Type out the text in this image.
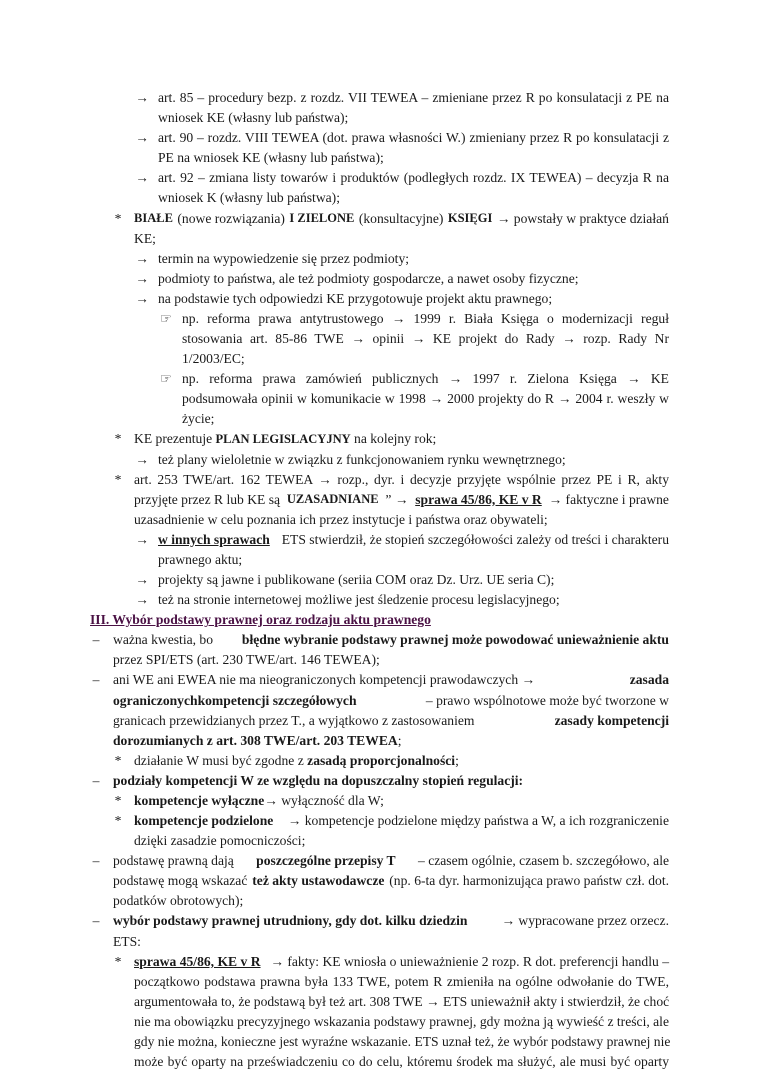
→ art. 85 – procedury bezp. z rozdz. VII TEWEA – zmieniane przez R po konsulatacji z PE na
wniosek KE (własny lub państwa);
→ art. 90 – rozdz. VIII TEWEA (dot. prawa własności W.) zmieniany przez R po konsulatacji z
PE na wniosek KE (własny lub państwa);
→ art. 92 – zmiana listy towarów i produktów (podległych rozdz. IX TEWEA) – decyzja R na
wniosek K (własny lub państwa);
*	BIAŁE (nowe rozwiązania) I ZIELONE (konsultacyjne) KSIĘGI → powstały w praktyce działań
KE;
→ termin na wypowiedzenie się przez podmioty;
→ podmioty to państwa, ale też podmioty gospodarcze, a nawet osoby fizyczne;
→ na podstawie tych odpowiedzi KE przygotowuje projekt aktu prawnego;
☞ np. reforma prawa antytrustowego → 1999 r. Biała Księga o modernizacji reguł
stosowania art. 85-86 TWE → opinii → KE projekt do Rady → rozp. Rady Nr
1/2003/EC;
☞ np. reforma prawa zamówień publicznych → 1997 r. Zielona Księga → KE
podsumowała opinii w komunikacie w 1998 → 2000 projekty do R → 2004 r. weszły w
życie;
* KE prezentuje PLAN LEGISLACYJNY na kolejny rok;
→ też plany wieloletnie w związku z funkcjonowaniem rynku wewnętrznego;
* art. 253 TWE/art. 162 TEWEA → rozp., dyr. i decyzje przyjęte wspólnie przez PE i R, akty
przyjęte przez R lub KE są UZASADNIANE ” → sprawa 45/86, KE v R → faktyczne i prawne
uzasadnienie w celu poznania ich przez instytucje i państwa oraz obywateli;
→ w innych sprawach ETS stwierdził, że stopień szczegółowości zależy od treści i charakteru
prawnego aktu;
→ projekty są jawne i publikowane (seriia COM oraz Dz. Urz. UE seria C);
→ też na stronie internetowej możliwe jest śledzenie procesu legislacyjnego;
III. Wybór podstawy prawnej oraz rodzaju aktu prawnego
–	ważna kwestia, bo błędne wybranie podstawy prawnej może powodować unieważnienie aktu
przez SPI/ETS (art. 230 TWE/art. 146 TEWEA);
–	ani WE ani EWEA nie ma nieograniczonych kompetencji prawodawczych →	zasada
ograniczonychkompetencji szczegółowych	– prawo wspólnotowe może być tworzone w
granicach przewidzianych przez T., a wyjątkowo z zastosowaniem	zasady kompetencji
dorozumianych z art. 308 TWE/art. 203 TEWEA;
* działanie W musi być zgodne z zasadą proporcjonalności;
–	podziały kompetencji W ze względu na dopuszczalny stopień regulacji:
* kompetencje wyłączne→ wyłączność dla W;
* kompetencje podzielone → kompetencje podzielone między państwa a W, a ich rozgraniczenie
dzięki zasadzie pomocniczości;
–	podstawę prawną dają poszczególne przepisy T – czasem ogólnie, czasem b. szczegółowo, ale
podstawę mogą wskazać też akty ustawodawcze (np. 6-ta dyr. harmonizująca prawo państw czł. dot.
podatków obrotowych);
–	wybór podstawy prawnej utrudniony, gdy dot. kilku dziedzin	→ wypracowane przez orzecz.
ETS:
* sprawa 45/86, KE v R → fakty: KE wniosła o unieważnienie 2 rozp. R dot. preferencji handlu –
początkowo podstawa prawna była 133 TWE, potem R zmieniła na ogólne odwołanie do TWE,
argumentowała to, że podstawą był też art. 308 TWE → ETS unieważnił akty i stwierdził, że choć
nie ma obowiązku precyzyjnego wskazania podstawy prawnej, gdy można ją wywieść z treści, ale
gdy nie można, konieczne jest wyraźne wskazanie. ETS uznał też, że wybór podstawy prawnej nie
może być oparty na przeświadczeniu co do celu, któremu środek ma służyć, ale musi być oparty
